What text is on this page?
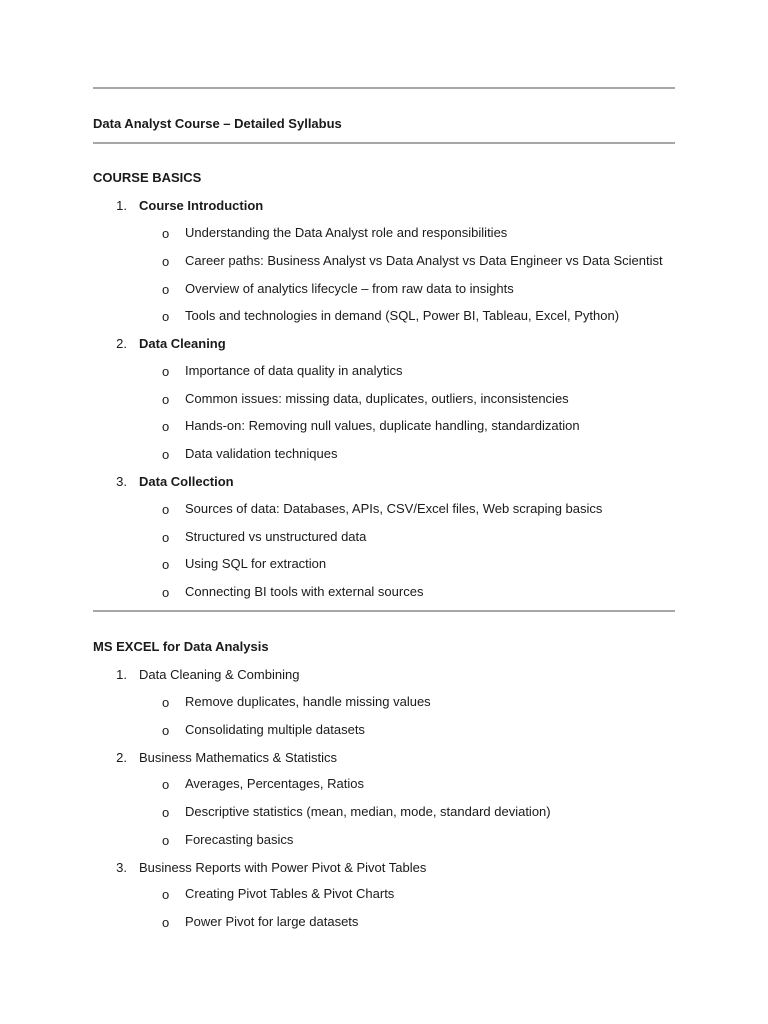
Data Analyst Course – Detailed Syllabus
COURSE BASICS
1. Course Introduction
o Understanding the Data Analyst role and responsibilities
o Career paths: Business Analyst vs Data Analyst vs Data Engineer vs Data Scientist
o Overview of analytics lifecycle – from raw data to insights
o Tools and technologies in demand (SQL, Power BI, Tableau, Excel, Python)
2. Data Cleaning
o Importance of data quality in analytics
o Common issues: missing data, duplicates, outliers, inconsistencies
o Hands-on: Removing null values, duplicate handling, standardization
o Data validation techniques
3. Data Collection
o Sources of data: Databases, APIs, CSV/Excel files, Web scraping basics
o Structured vs unstructured data
o Using SQL for extraction
o Connecting BI tools with external sources
MS EXCEL for Data Analysis
1. Data Cleaning & Combining
o Remove duplicates, handle missing values
o Consolidating multiple datasets
2. Business Mathematics & Statistics
o Averages, Percentages, Ratios
o Descriptive statistics (mean, median, mode, standard deviation)
o Forecasting basics
3. Business Reports with Power Pivot & Pivot Tables
o Creating Pivot Tables & Pivot Charts
o Power Pivot for large datasets
